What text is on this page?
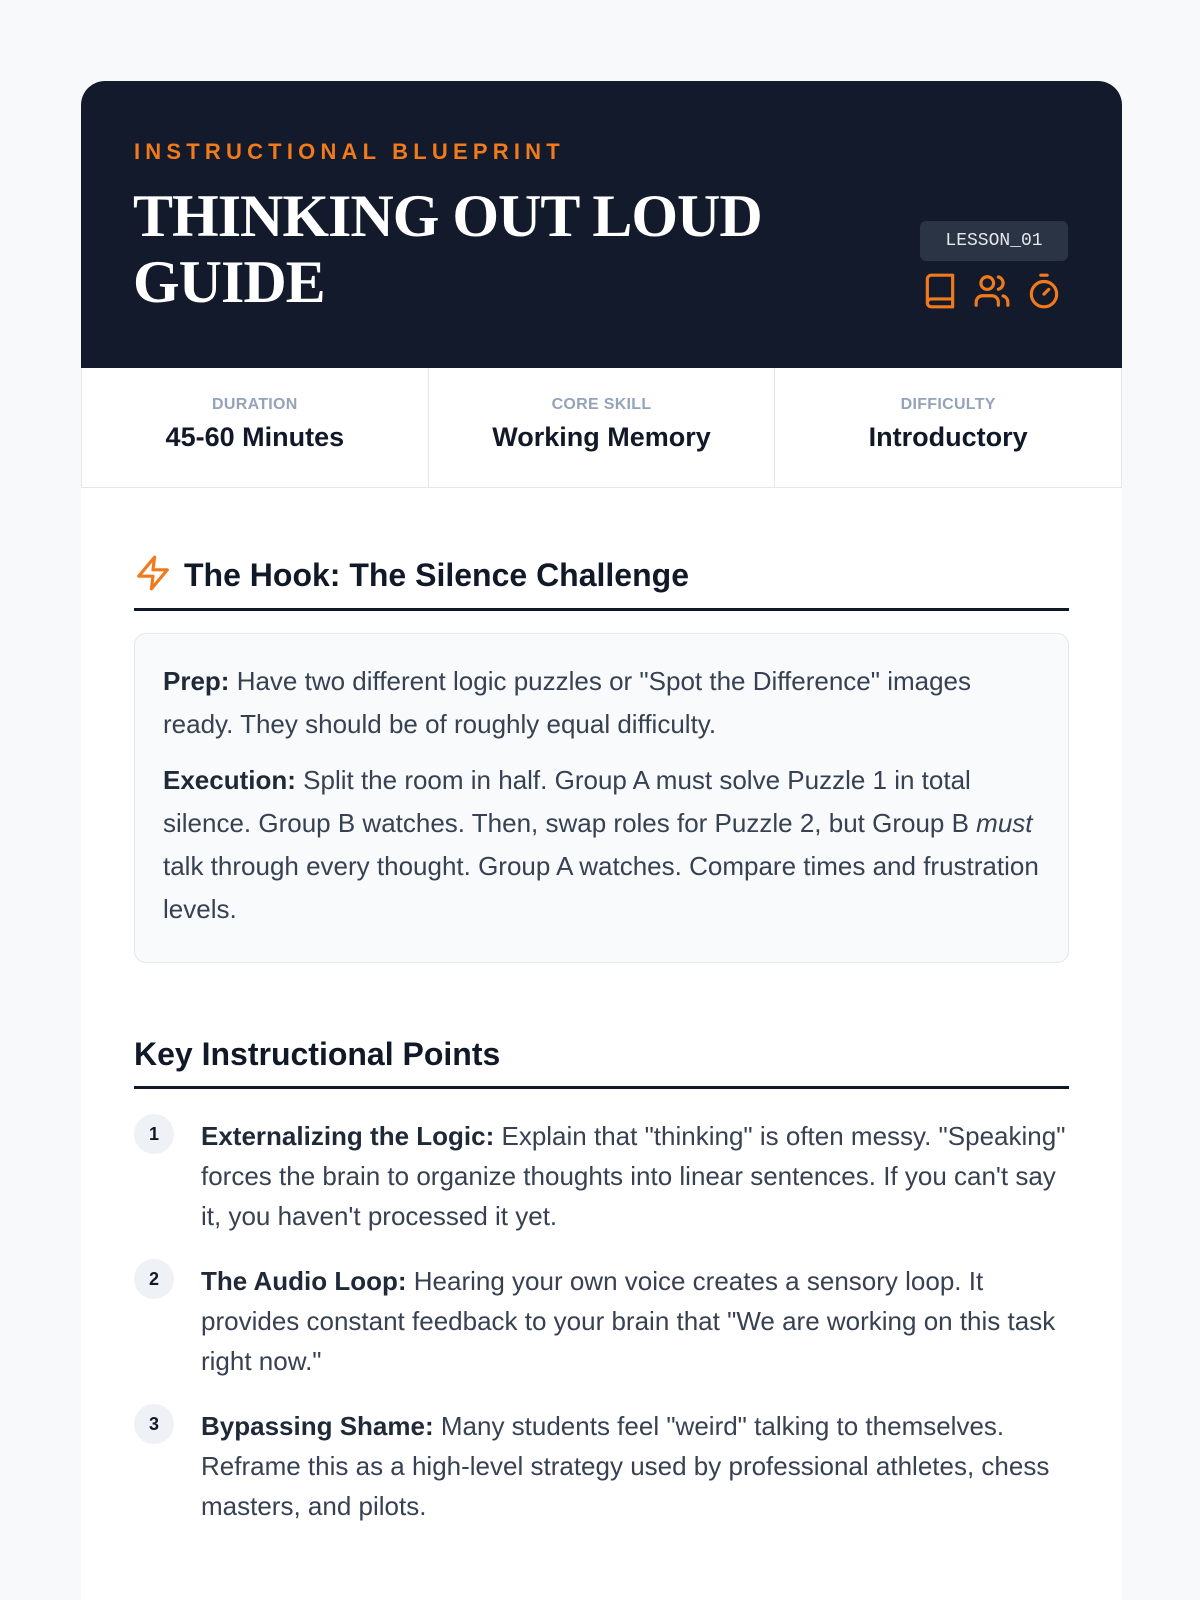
INSTRUCTIONAL BLUEPRINT
THINKING OUT LOUD
GUIDE
LESSON_01
DURATION
45-60 Minutes
CORE SKILL
Working Memory
DIFFICULTY
Introductory
The Hook: The Silence Challenge

Prep: Have two different logic puzzles or "Spot the Difference" images ready. They should be of roughly equal difficulty.

Execution: Split the room in half. Group A must solve Puzzle 1 in total silence. Group B watches. Then, swap roles for Puzzle 2, but Group B must talk through every thought. Group A watches. Compare times and frustration levels.

Key Instructional Points
1	Externalizing the Logic: Explain that "thinking" is often messy. "Speaking" forces the brain to organize thoughts into linear sentences. If you can't say it, you haven't processed it yet.
2	The Audio Loop: Hearing your own voice creates a sensory loop. It provides constant feedback to your brain that "We are working on this task right now."
3	Bypassing Shame: Many students feel "weird" talking to themselves. Reframe this as a high-level strategy used by professional athletes, chess masters, and pilots.
